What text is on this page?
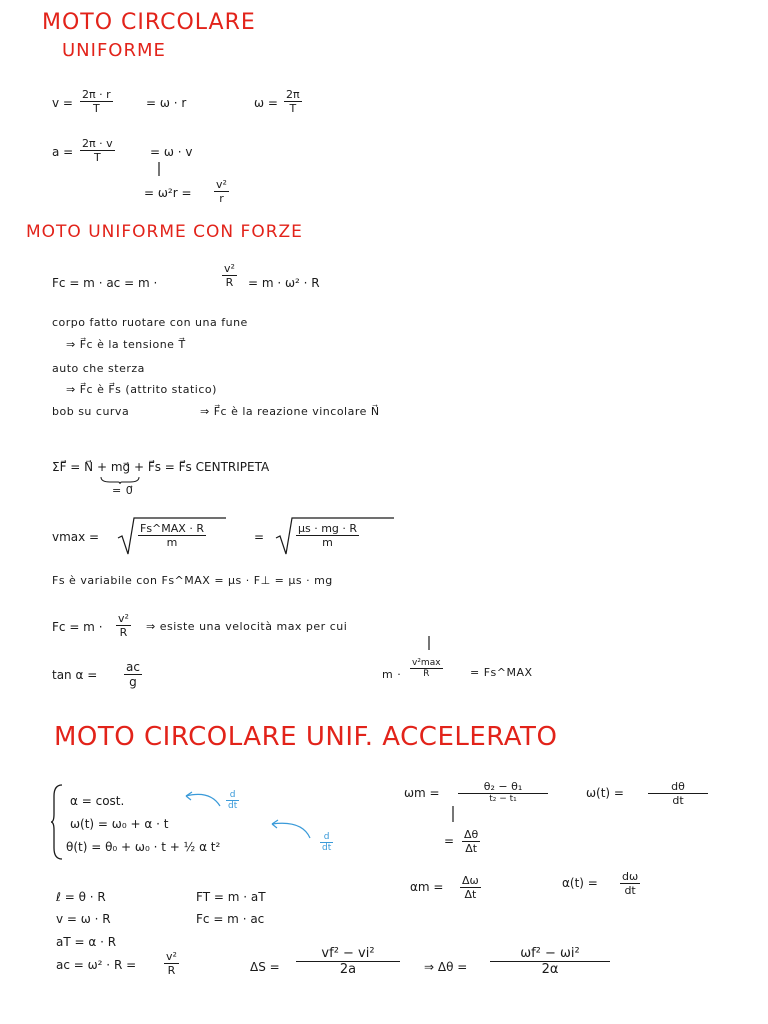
MOTO CIRCOLARE
UNIFORME
$v = \frac{2\pi \cdot r}{T}$	= ω · r	$\omega = \frac{2\pi}{T}$
$a = \frac{2\pi \cdot v}{T}$	= ω · v
= $\omega^2r = \frac{\text{v²}}{r}$
MOTO UNIFORME CON FORZE
Fc = m · ac = m ·	$\frac{\text{v²}}{R} = m \cdot \omega^2 \cdot R$
corpo fatto ruotare con una fune
⇒ F⃗c è la tensione T⃗
auto che sterza
⇒ F⃗c è F⃗s (attrito statico)
bob su curva	⇒ F⃗c è la reazione vincolare N⃗
ΣF⃗ = N⃗ + mg⃗ + F⃗s = F⃗s CENTRIPETA
= 0⃗
vmax =
Fs^MAX · R
m	=	$\frac{\mu s \cdot mg \cdot R}{m}$
Fs è variabile con Fs^MAX = μs · F⊥ = μs · mg
$Fc = m \cdot \frac{\text{v²}}{R}$ ⇒ esiste una velocità max per cui
$\tan \alpha = \frac{ac}{g}$	m ·
v²max
R	= Fs^MAX
MOTO CIRCOLARE UNIF. ACCELERATO
α = cost.
ω(t) = ω₀ + α · t
θ(t) = θ₀ + ω₀ · t + ½ α t²
$\frac{d}{dt}$
$\frac{d}{dt}$
ωm =	θ₂ − θ₁
t₂ − t₁
= $\frac{\Delta\theta}{\Delta t}$
$\omega(t) = \frac{d\theta}{dt}$
$\alpha m = \frac{\Delta\omega}{\Delta t}$	$\alpha(t) = \frac{d\omega}{dt}$
ℓ = θ · R
v = ω · R
aT = α · R
ac = ω² · R =	$\frac{\text{v²}}{R}$
FT = m · aT
Fc = m · ac
$\Delta S = \frac{\text{vf² − vi²}}{2a}$ ⇒ $\Delta\theta = \frac{\text{ωf² − ωi²}}{2\alpha}$
